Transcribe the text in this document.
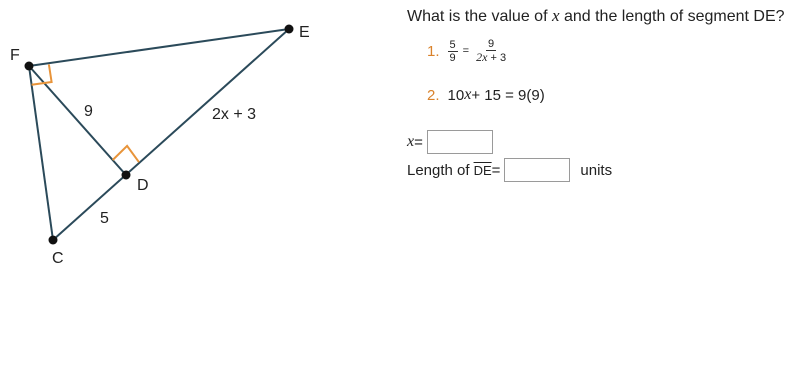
F
E
D
C
9	2x + 3
5
What is the value of x and the length of segment DE?
1. $\frac{5}{9} = \frac{9}{2x + 3}$
2. 10 x + 15 = 9(9)
x =
Length of $\overline{DE}$ =	units
